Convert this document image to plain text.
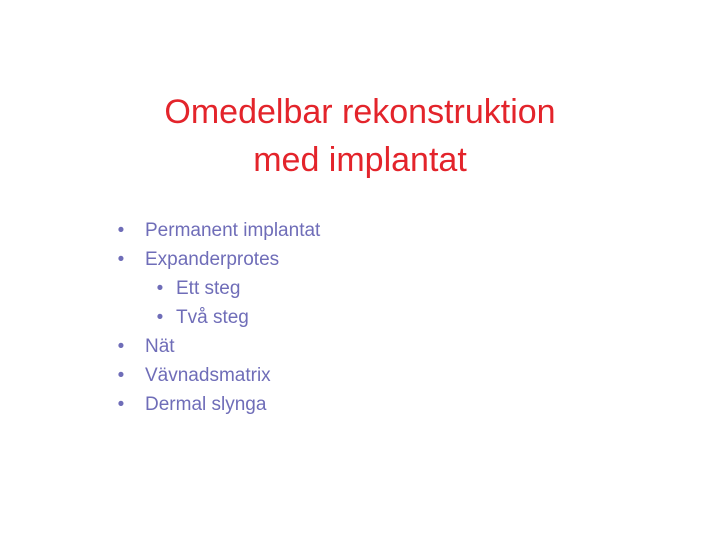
Omedelbar rekonstruktion
med implantat
• Permanent implantat
• Expanderprotes
• Ett steg
• Två steg
• Nät
• Vävnadsmatrix
• Dermal slynga
